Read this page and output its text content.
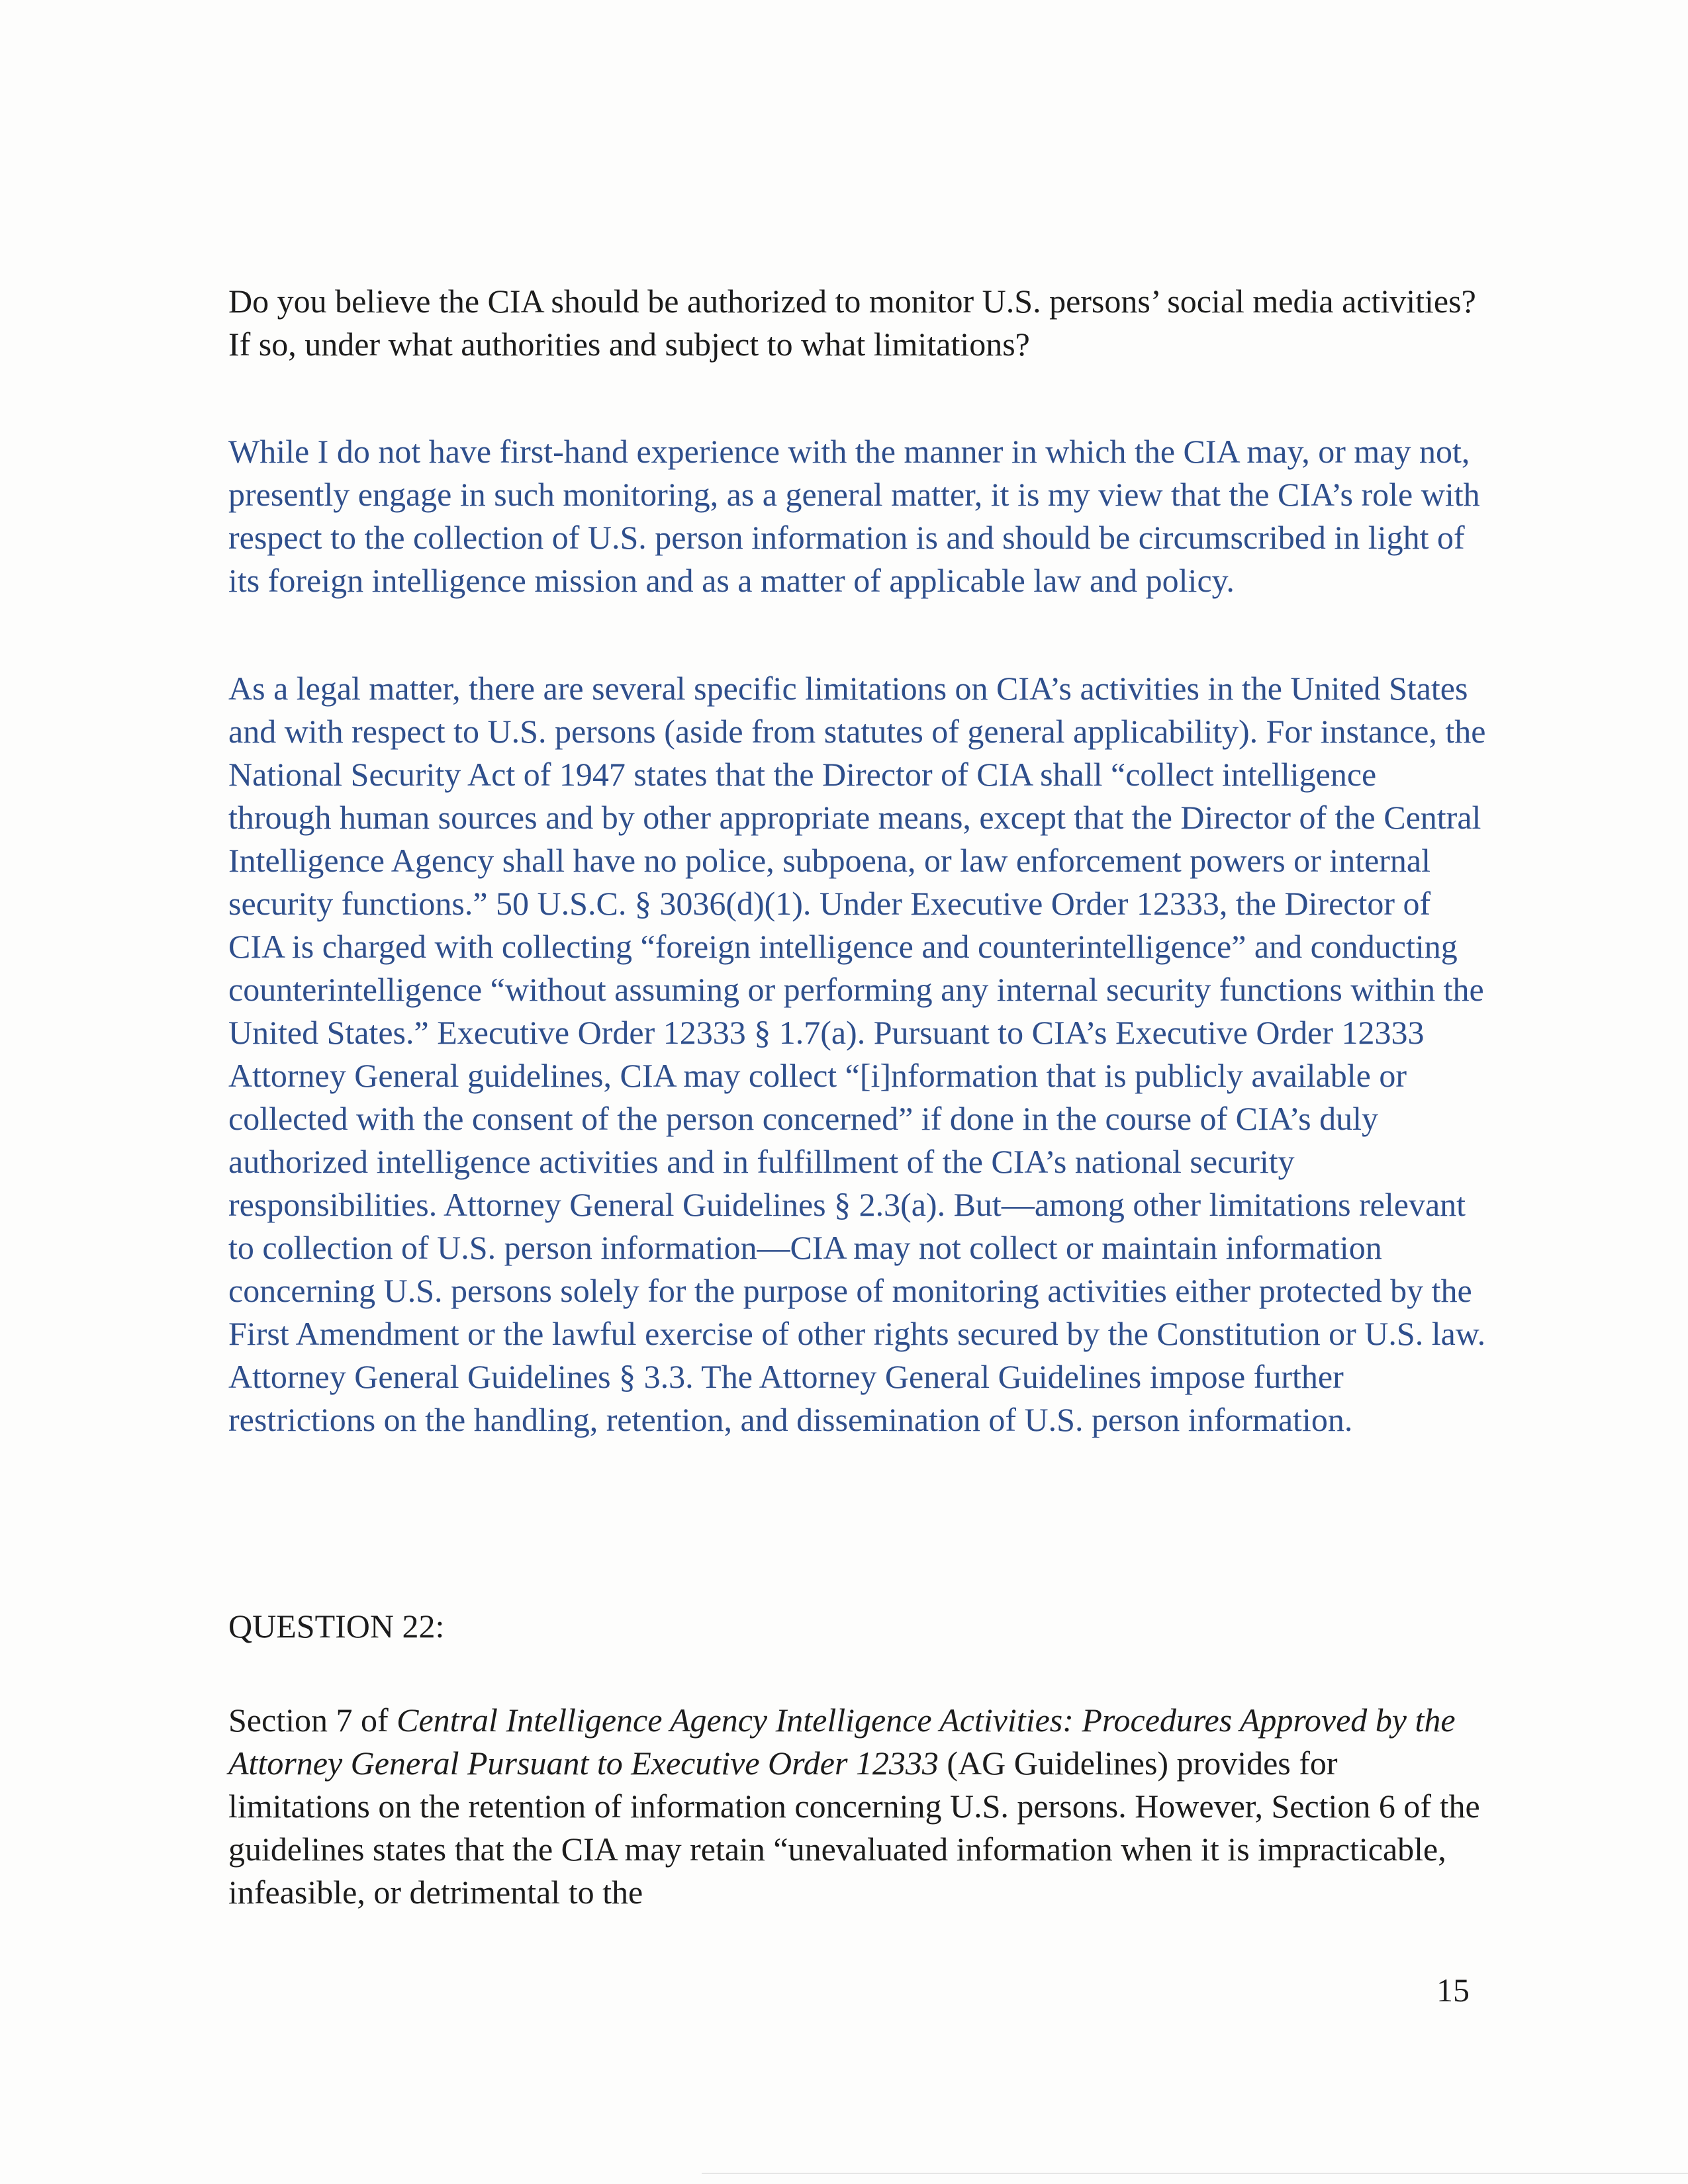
Do you believe the CIA should be authorized to monitor U.S. persons’ social media activities? If so, under what authorities and subject to what limitations?

While I do not have first-hand experience with the manner in which the CIA may, or may not, presently engage in such monitoring, as a general matter, it is my view that the CIA’s role with respect to the collection of U.S. person information is and should be circumscribed in light of its foreign intelligence mission and as a matter of applicable law and policy.

As a legal matter, there are several specific limitations on CIA’s activities in the United States and with respect to U.S. persons (aside from statutes of general applicability). For instance, the National Security Act of 1947 states that the Director of CIA shall “collect intelligence through human sources and by other appropriate means, except that the Director of the Central Intelligence Agency shall have no police, subpoena, or law enforcement powers or internal security functions.” 50 U.S.C. § 3036(d)(1). Under Executive Order 12333, the Director of CIA is charged with collecting “foreign intelligence and counterintelligence” and conducting counterintelligence “without assuming or performing any internal security functions within the United States.” Executive Order 12333 § 1.7(a). Pursuant to CIA’s Executive Order 12333 Attorney General guidelines, CIA may collect “[i]nformation that is publicly available or collected with the consent of the person concerned” if done in the course of CIA’s duly authorized intelligence activities and in fulfillment of the CIA’s national security responsibilities. Attorney General Guidelines § 2.3(a). But—among other limitations relevant to collection of U.S. person information—CIA may not collect or maintain information concerning U.S. persons solely for the purpose of monitoring activities either protected by the First Amendment or the lawful exercise of other rights secured by the Constitution or U.S. law. Attorney General Guidelines § 3.3. The Attorney General Guidelines impose further restrictions on the handling, retention, and dissemination of U.S. person information.

QUESTION 22:

Section 7 of Central Intelligence Agency Intelligence Activities: Procedures Approved by the Attorney General Pursuant to Executive Order 12333 (AG Guidelines) provides for limitations on the retention of information concerning U.S. persons. However, Section 6 of the guidelines states that the CIA may retain “unevaluated information when it is impracticable, infeasible, or detrimental to the

15
